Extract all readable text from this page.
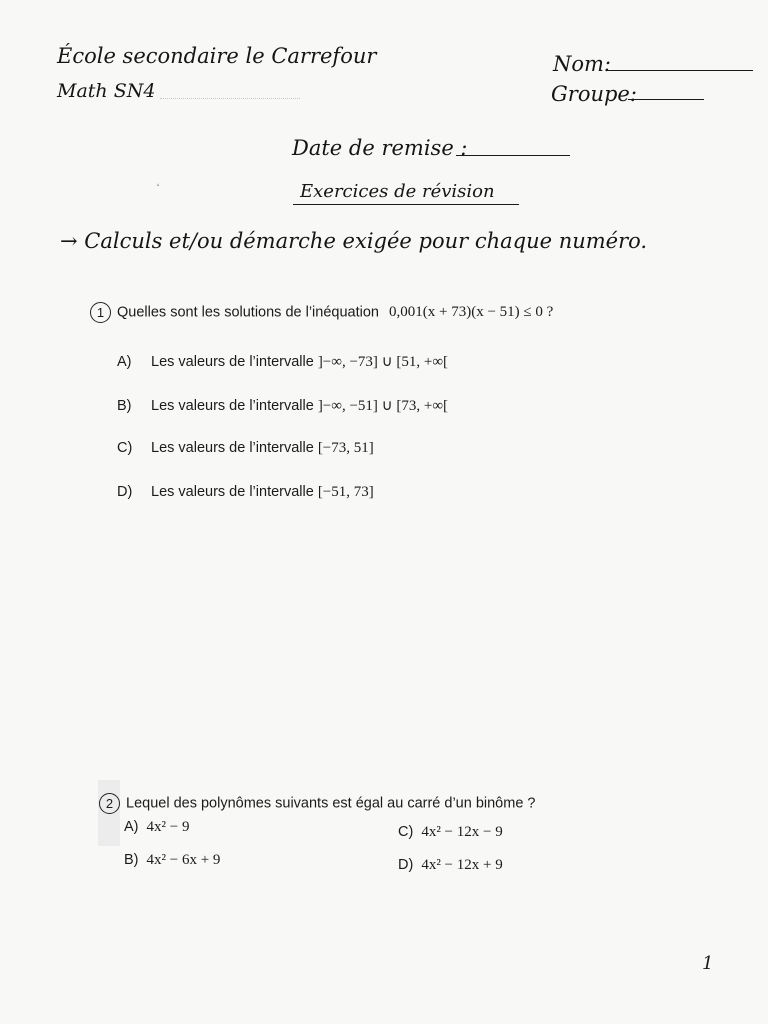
École secondaire le Carrefour
Math SN4
Nom:
Groupe:
Date de remise :
ʻ	Exercices de révision
→ Calculs et/ou démarche exigée pour chaque numéro.
1 Quelles sont les solutions de l’inéquation 0,001(x + 73)(x − 51) ≤ 0 ?
A) Les valeurs de l’intervalle ]−∞, −73] ∪ [51, +∞[
B) Les valeurs de l’intervalle ]−∞, −51] ∪ [73, +∞[
C) Les valeurs de l’intervalle [−73, 51]
D) Les valeurs de l’intervalle [−51, 73]
2 Lequel des polynômes suivants est égal au carré d’un binôme ?
A) 4x² − 9
B) 4x² − 6x + 9
C) 4x² − 12x − 9
D) 4x² − 12x + 9
1
